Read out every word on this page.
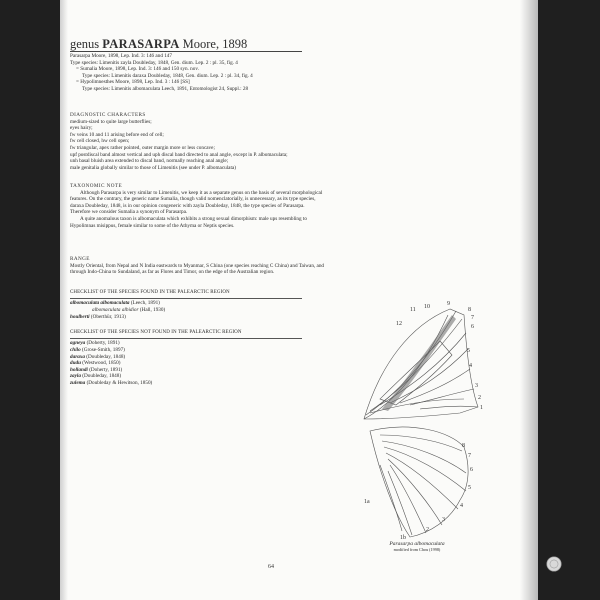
genus PARASARPA Moore, 1898
Parasarpa Moore, 1898, Lep. Ind. 3: 146 and 147
Type species: Limenitis zayla Doubleday, 1848, Gen. dium. Lep. 2 : pl. 35, fig. 4
= Sumalia Moore, 1898, Lep. Ind. 3: 146 and 150 syn. nov.
Type species: Limenitis daraxa Doubleday, 1848, Gen. dium. Lep. 2 : pl. 34, fig. 4
= Hypolimnesthes Moore, 1898, Lep. Ind. 3 : 146 [SS]
Type species: Limenitis albomaculata Leech, 1891, Entomologist 24, Suppl.: 28
DIAGNOSTIC CHARACTERS
medium-sized to quite large butterflies;
eyes hairy;
fw veins 10 and 11 arising before end of cell;
fw cell closed, hw cell open;
fw triangular, apex rather pointed, outer margin more or less concave;
upf postdiscal band almost vertical and uph discal band directed to anal angle, except in P. albomaculata;
unh basal bluish area extended to discal band, normally reaching anal angle;
male genitalia globally similar to those of Limenitis (see under P. albomaculata)
TAXONOMIC NOTE
Although Parasarpa is very similar to Limenitis, we keep it as a separate genus on the basis of several morphological
features. On the contrary, the generic name Sumalia, though valid nomenclatorially, is unnecessary, as its type species,
daraxa Doubleday, 1848, is in our opinion congeneric with zayla Doubleday, 1848, the type species of Parasarpa.
Therefore we consider Sumalia a synonym of Parasarpa.
A quite anomalous taxon is albomaculata which exhibits a strong sexual dimorphism: male ups resembling to
Hypolimnas misippus, female similar to some of the Athyma or Neptis species.
RANGE
Mostly Oriental, from Nepal and N India eastwards to Myanmar, S China (one species reaching C China) and Taiwan, and
through Indo-China to Sundaland, as far as Flores and Timor, on the edge of the Australian region.
CHECKLIST OF THE SPECIES FOUND IN THE PALEARCTIC REGION
albomaculata albomaculata (Leech, 1891)
albomaculata albidior (Hall, 1930)
houlberti (Oberthür, 1913)
CHECKLIST OF THE SPECIES NOT FOUND IN THE PALEARCTIC REGION
agneya (Doherty, 1891)
chilo (Grose-Smith, 1897)
daraxa (Doubleday, 1848)
dudu (Westwood, 1850)
hollandi (Doherty, 1891)
zayla (Doubleday, 1848)
zulema (Doubleday & Hewitson, 1850)
9
10
11	8
7
12	6
5
4
3
2
1
8
7
6
5
4
3
2
1b
1a
Parasarpa albomaculata
modified from Chou (1998)
64
